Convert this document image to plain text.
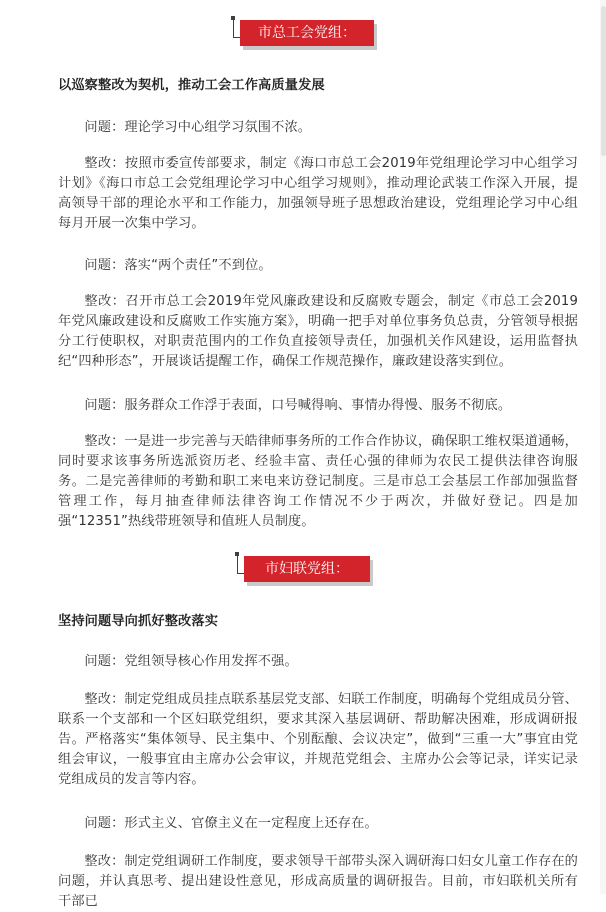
市总工会党组：

以巡察整改为契机，推动工会工作高质量发展

问题：理论学习中心组学习氛围不浓。

整改：按照市委宣传部要求，制定《海口市总工会2019年党组理论学习中心组学习计划》《海口市总工会党组理论学习中心组学习规则》，推动理论武装工作深入开展，提高领导干部的理论水平和工作能力，加强领导班子思想政治建设，党组理论学习中心组每月开展一次集中学习。

问题：落实“两个责任”不到位。

整改：召开市总工会2019年党风廉政建设和反腐败专题会，制定《市总工会2019年党风廉政建设和反腐败工作实施方案》，明确一把手对单位事务负总责，分管领导根据分工行使职权，对职责范围内的工作负直接领导责任，加强机关作风建设，运用监督执纪“四种形态”，开展谈话提醒工作，确保工作规范操作，廉政建设落实到位。

问题：服务群众工作浮于表面，口号喊得响、事情办得慢、服务不彻底。

整改：一是进一步完善与天皓律师事务所的工作合作协议，确保职工维权渠道通畅，同时要求该事务所选派资历老、经验丰富、责任心强的律师为农民工提供法律咨询服务。二是完善律师的考勤和职工来电来访登记制度。三是市总工会基层工作部加强监督管理工作，每月抽查律师法律咨询工作情况不少于两次，并做好登记。四是加强“12351”热线带班领导和值班人员制度。

市妇联党组：

坚持问题导向抓好整改落实

问题：党组领导核心作用发挥不强。

整改：制定党组成员挂点联系基层党支部、妇联工作制度，明确每个党组成员分管、联系一个支部和一个区妇联党组织，要求其深入基层调研、帮助解决困难，形成调研报告。严格落实“集体领导、民主集中、个别酝酿、会议决定”，做到“三重一大”事宜由党组会审议，一般事宜由主席办公会审议，并规范党组会、主席办公会等记录，详实记录党组成员的发言等内容。

问题：形式主义、官僚主义在一定程度上还存在。

整改：制定党组调研工作制度，要求领导干部带头深入调研海口妇女儿童工作存在的问题，并认真思考、提出建设性意见，形成高质量的调研报告。目前，市妇联机关所有干部已
